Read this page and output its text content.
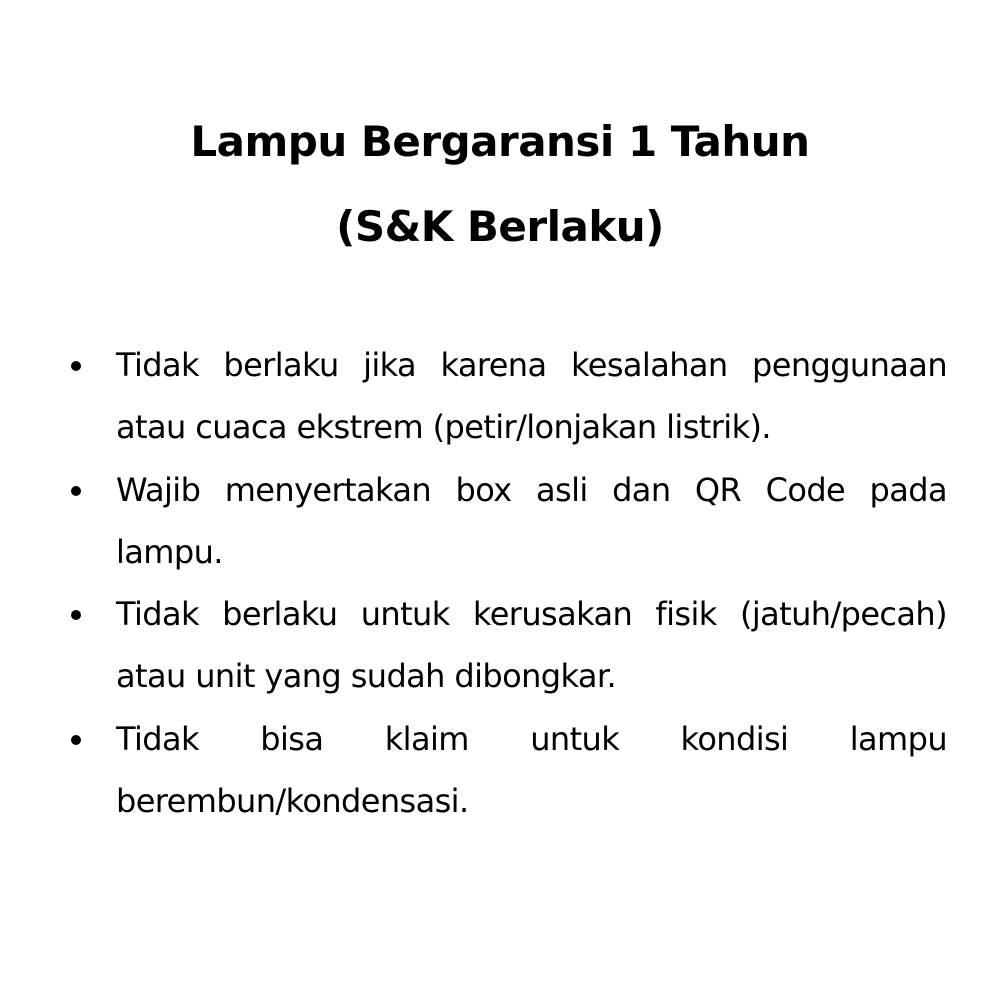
Lampu Bergaransi 1 Tahun
(S&K Berlaku)
Tidak berlaku jika karena kesalahan penggunaan atau cuaca ekstrem (petir/lonjakan listrik).
Wajib menyertakan box asli dan QR Code pada lampu.
Tidak berlaku untuk kerusakan fisik (jatuh/pecah) atau unit yang sudah dibongkar.
Tidak bisa klaim untuk kondisi lampu berembun/kondensasi.
